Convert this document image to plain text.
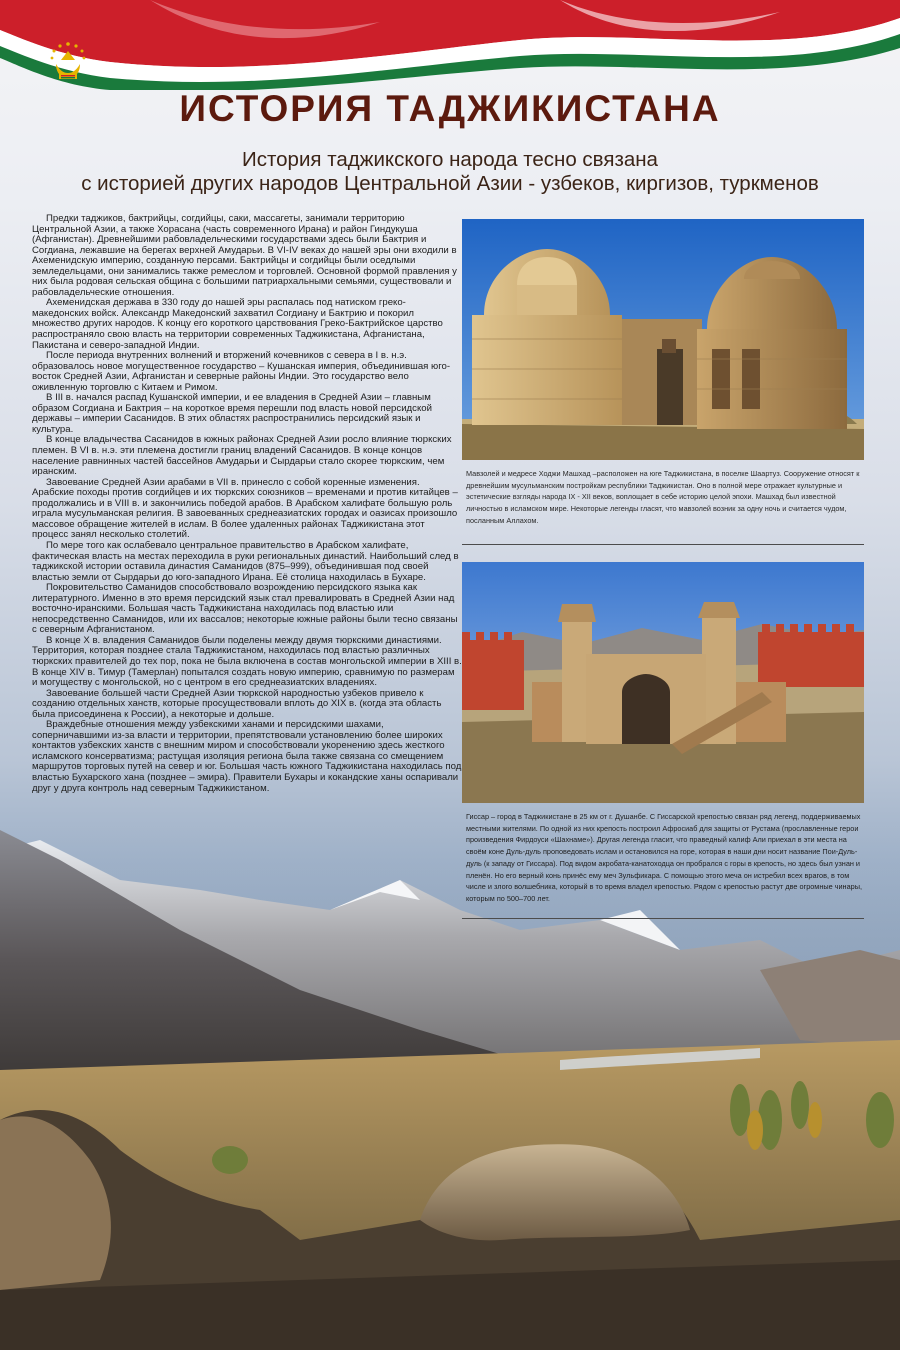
ИСТОРИЯ ТАДЖИКИСТАНА
История таджикского народа тесно связана
с историей других народов Центральной Азии - узбеков, киргизов, туркменов

Предки таджиков, бактрийцы, согдийцы, саки, массагеты, занимали территорию Центральной Азии, а также Хорасана (часть современного Ирана) и район Гиндукуша (Афганистан). Древнейшими рабовладельческими государствами здесь были Бактрия и Согдиана, лежавшие на берегах верхней Амударьи. В VI-IV веках до нашей эры они входили в Ахеменидскую империю, созданную персами. Бактрийцы и согдийцы были оседлыми земледельцами, они занимались также ремеслом и торговлей. Основной формой правления у них была родовая сельская община с большими патриархальными семьями, существовали и рабовладельческие отношения.

Ахеменидская держава в 330 году до нашей эры распалась под натиском греко-македонских войск. Александр Македонский захватил Согдиану и Бактрию и покорил множество других народов. К концу его короткого царствования Греко-Бактрийское царство распространяло свою власть на территории современных Таджикистана, Афганистана, Пакистана и северо-западной Индии.

После периода внутренних волнений и вторжений кочевников с севера в I в. н.э. образовалось новое могущественное государство – Кушанская империя, объединившая юго-восток Средней Азии, Афганистан и северные районы Индии. Это государство вело оживленную торговлю с Китаем и Римом.

В III в. начался распад Кушанской империи, и ее владения в Средней Азии – главным образом Согдиана и Бактрия – на короткое время перешли под власть новой персидской державы – империи Сасанидов. В этих областях распространились персидский язык и культура.

В конце владычества Сасанидов в южных районах Средней Азии росло влияние тюркских племен. В VI в. н.э. эти племена достигли границ владений Сасанидов. В конце концов население равнинных частей бассейнов Амударьи и Сырдарьи стало скорее тюркским, чем иранским.

Завоевание Средней Азии арабами в VII в. принесло с собой коренные изменения. Арабские походы против согдийцев и их тюркских союзников – временами и против китайцев – продолжались и в VIII в. и закончились победой арабов. В Арабском халифате большую роль играла мусульманская религия. В завоеванных среднеазиатских городах и оазисах произошло массовое обращение жителей в ислам. В более удаленных районах Таджикистана этот процесс занял несколько столетий.

По мере того как ослабевало центральное правительство в Арабском халифате, фактическая власть на местах переходила в руки региональных династий. Наибольший след в таджикской истории оставила династия Саманидов (875–999), объединившая под своей властью земли от Сырдарьи до юго-западного Ирана. Её столица находилась в Бухаре.

Покровительство Саманидов способствовало возрождению персидского языка как литературного. Именно в это время персидский язык стал превалировать в Средней Азии над восточно-иранскими. Большая часть Таджикистана находилась под властью или непосредственно Саманидов, или их вассалов; некоторые южные районы были тесно связаны с северным Афганистаном.

В конце X в. владения Саманидов были поделены между двумя тюркскими династиями. Территория, которая позднее стала Таджикистаном, находилась под властью различных тюркских правителей до тех пор, пока не была включена в состав монгольской империи в XIII в. В конце XIV в. Тимур (Тамерлан) попытался создать новую империю, сравнимую по размерам и могуществу с монгольской, но с центром в его среднеазиатских владениях.

Завоевание большей части Средней Азии тюркской народностью узбеков привело к созданию отдельных ханств, которые просуществовали вплоть до XIX в. (когда эта область была присоединена к России), а некоторые и дольше.

Враждебные отношения между узбекскими ханами и персидскими шахами, соперничавшими из-за власти и территории, препятствовали установлению более широких контактов узбекских ханств с внешним миром и способствовали укоренению здесь жесткого исламского консерватизма; растущая изоляция региона была также связана со смещением маршрутов торговых путей на север и юг. Большая часть южного Таджикистана находилась под властью Бухарского ханa (позднее – эмира). Правители Бухары и кокандские ханы оспаривали друг у друга контроль над северным Таджикистаном.

Мавзолей и медресе Ходжи Машхад –расположен на юге Таджикистана, в поселке Шаартуз. Сооружение относят к древнейшим мусульманским постройкам республики Таджикистан. Оно в полной мере отражает культурные и эстетические взгляды народа IX - XII веков, воплощает в себе историю целой эпохи. Машхад был известной личностью в исламском мире. Некоторые легенды гласят, что мавзолей возник за одну ночь и считается чудом, посланным Аллахом.
Гиссар – город в Таджикистане в 25 км от г. Душанбе. С Гиссарской крепостью связан ряд легенд, поддерживаемых местными жителями. По одной из них крепость построил Афросиаб для защиты от Рустама (прославленные герои произведения Фирдоуси «Шахнаме»). Другая легенда гласит, что праведный калиф Али приехал в эти места на своём коне Дуль-дуль проповедовать ислам и остановился на горе, которая в наши дни носит название Пои-Дуль-дуль (к западу от Гиссара). Под видом акробата-канатоходца он пробрался с горы в крепость, но здесь был узнан и пленён. Но его верный конь принёс ему меч Зульфикара. С помощью этого меча он истребил всех врагов, в том числе и злого волшебника, который в то время владел крепостью. Рядом с крепостью растут две огромные чинары, которым по 500–700 лет.
